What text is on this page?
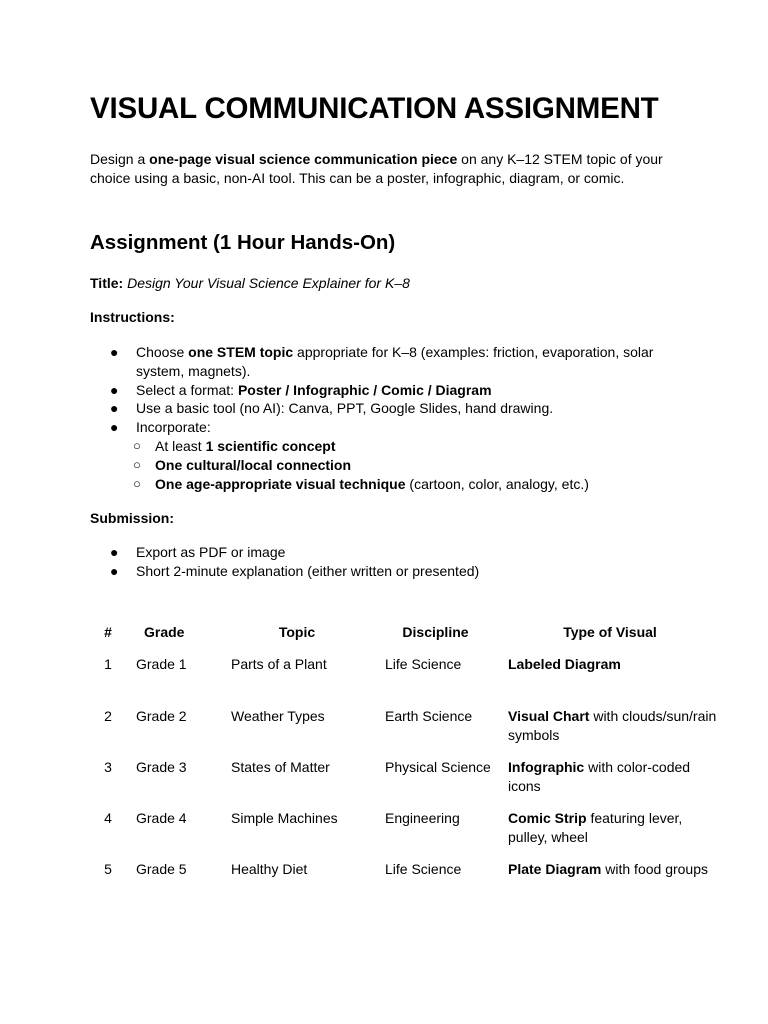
VISUAL COMMUNICATION ASSIGNMENT

Design a one-page visual science communication piece on any K–12 STEM topic of your choice using a basic, non-AI tool. This can be a poster, infographic, diagram, or comic.

Assignment (1 Hour Hands-On)

Title: Design Your Visual Science Explainer for K–8

Instructions:

●	Choose one STEM topic appropriate for K–8 (examples: friction, evaporation, solar system, magnets).
●	Select a format: Poster / Infographic / Comic / Diagram
●	Use a basic tool (no AI): Canva, PPT, Google Slides, hand drawing.
●	Incorporate:
○ At least 1 scientific concept
○ One cultural/local connection
○ One age-appropriate visual technique (cartoon, color, analogy, etc.)

Submission:

●	Export as PDF or image
●	Short 2-minute explanation (either written or presented)
#	Grade	Topic	Discipline	Type of Visual
1	Grade 1	Parts of a Plant	Life Science	Labeled Diagram
2	Grade 2	Weather Types	Earth Science	Visual Chart with clouds/sun/rain symbols
3	Grade 3	States of Matter	Physical Science	Infographic with color-coded icons
4	Grade 4	Simple Machines	Engineering	Comic Strip featuring lever, pulley, wheel
5	Grade 5	Healthy Diet	Life Science	Plate Diagram with food groups
